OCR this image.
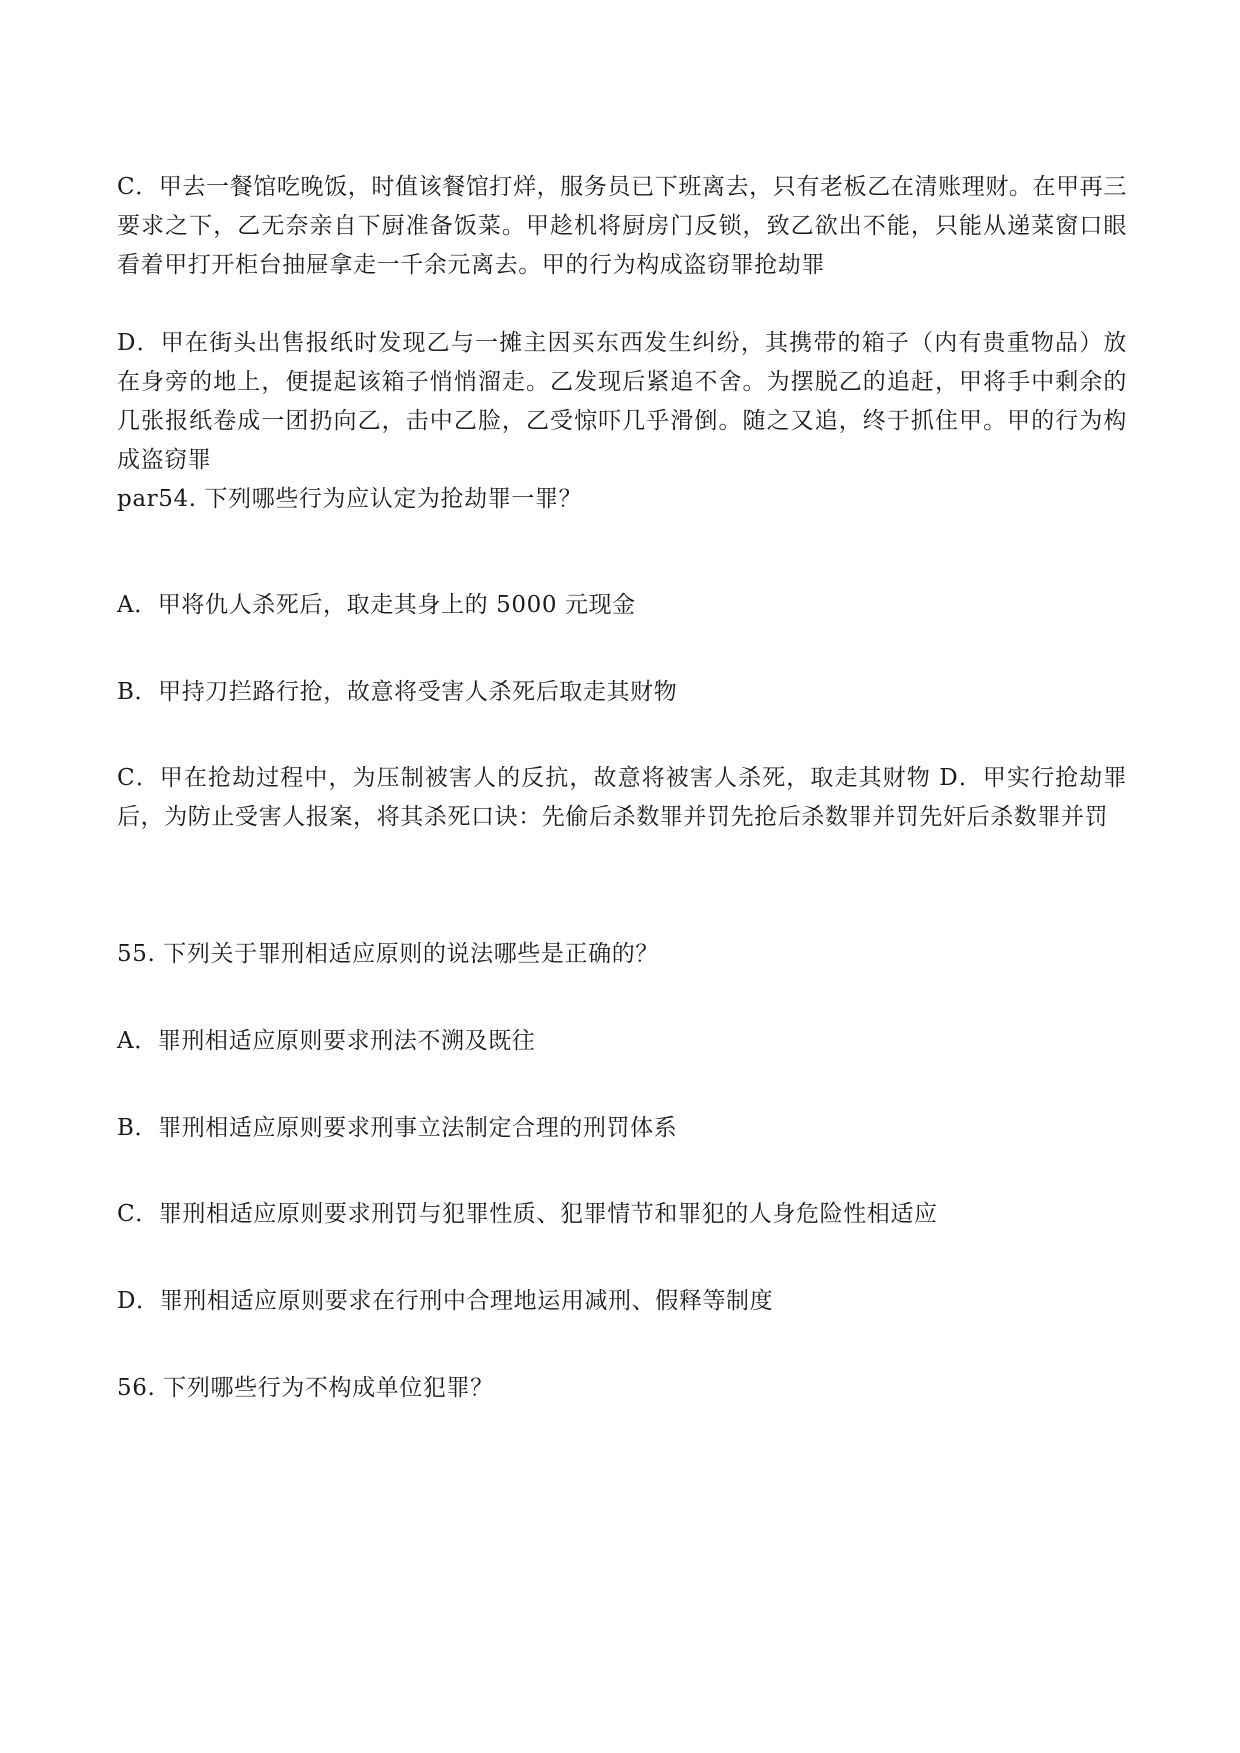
C．甲去一餐馆吃晚饭，时值该餐馆打烊，服务员已下班离去，只有老板乙在清账理财。在甲再三要求之下，乙无奈亲自下厨准备饭菜。甲趁机将厨房门反锁，致乙欲出不能，只能从递菜窗口眼看着甲打开柜台抽屉拿走一千余元离去。甲的行为构成盗窃罪抢劫罪

D．甲在街头出售报纸时发现乙与一摊主因买东西发生纠纷，其携带的箱子（内有贵重物品）放在身旁的地上，便提起该箱子悄悄溜走。乙发现后紧追不舍。为摆脱乙的追赶，甲将手中剩余的几张报纸卷成一团扔向乙，击中乙脸，乙受惊吓几乎滑倒。随之又追，终于抓住甲。甲的行为构成盗窃罪

par54. 下列哪些行为应认定为抢劫罪一罪？

A．甲将仇人杀死后，取走其身上的 5000 元现金

B．甲持刀拦路行抢，故意将受害人杀死后取走其财物

C．甲在抢劫过程中，为压制被害人的反抗，故意将被害人杀死，取走其财物 D．甲实行抢劫罪后，为防止受害人报案，将其杀死口诀：先偷后杀数罪并罚先抢后杀数罪并罚先奸后杀数罪并罚

55. 下列关于罪刑相适应原则的说法哪些是正确的？

A．罪刑相适应原则要求刑法不溯及既往

B．罪刑相适应原则要求刑事立法制定合理的刑罚体系

C．罪刑相适应原则要求刑罚与犯罪性质、犯罪情节和罪犯的人身危险性相适应

D．罪刑相适应原则要求在行刑中合理地运用减刑、假释等制度

56. 下列哪些行为不构成单位犯罪？
